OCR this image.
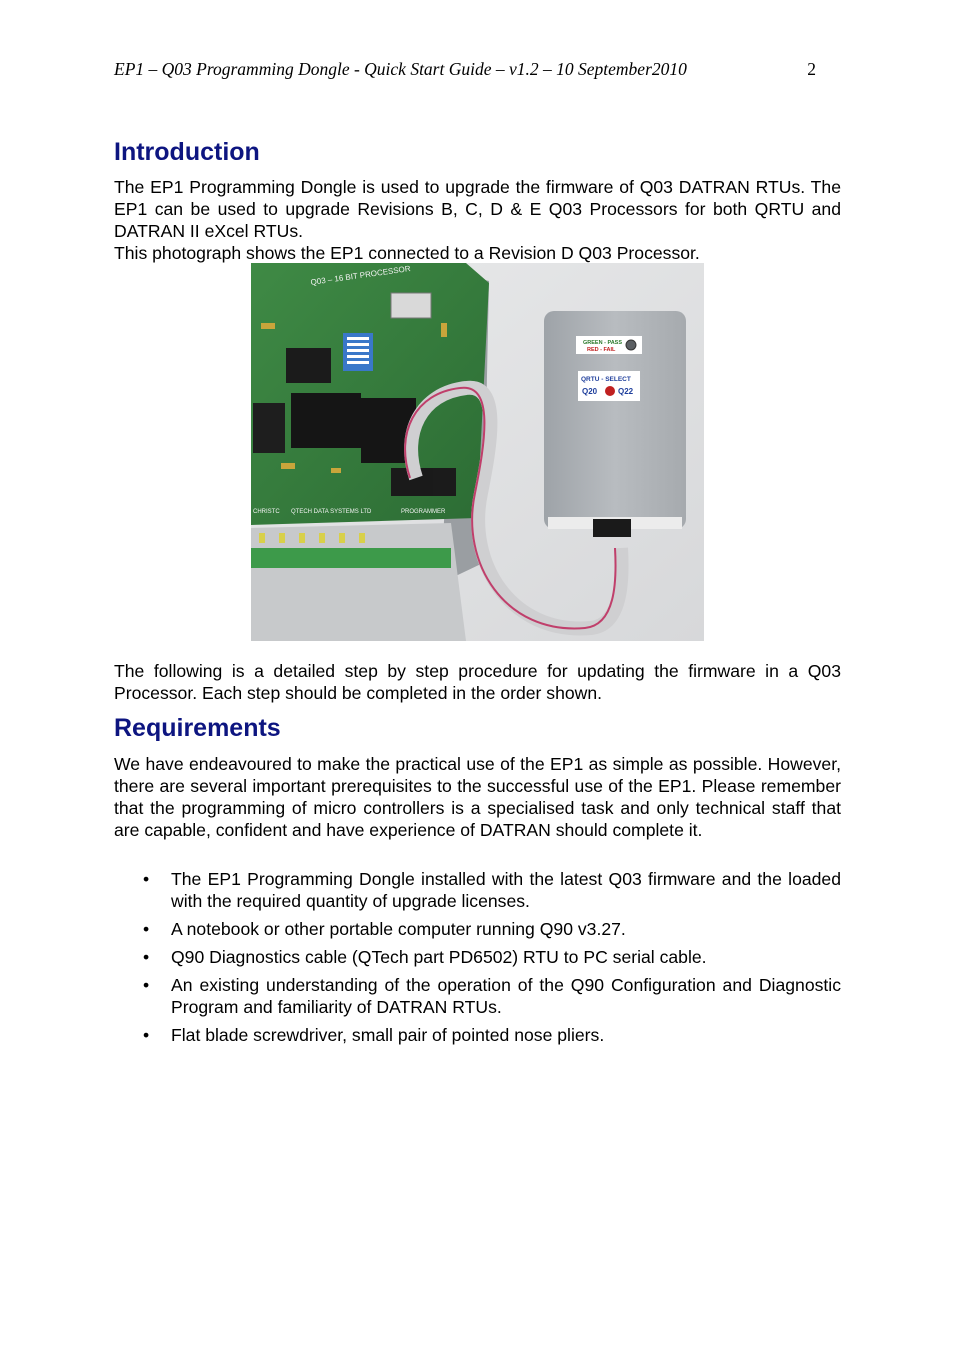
EP1 – Q03 Programming Dongle - Quick Start Guide – v1.2 – 10 September2010	2
Introduction

The EP1 Programming Dongle is used to upgrade the firmware of Q03 DATRAN RTUs. The EP1 can be used to upgrade Revisions B, C, D & E Q03 Processors for both QRTU and DATRAN II eXcel RTUs.

This photograph shows the EP1 connected to a Revision D Q03 Processor.

Q03 – 16 BIT PROCESSOR
PROGRAMMER
QTECH DATA SYSTEMS LTD
CHRISTC
GREEN - PASS
RED - FAIL
QRTU - SELECT
Q20	Q22

The following is a detailed step by step procedure for updating the firmware in a Q03 Processor. Each step should be completed in the order shown.

Requirements

We have endeavoured to make the practical use of the EP1 as simple as possible. However, there are several important prerequisites to the successful use of the EP1. Please remember that the programming of micro controllers is a specialised task and only technical staff that are capable, confident and have experience of DATRAN should complete it.

• The EP1 Programming Dongle installed with the latest Q03 firmware and the loaded with the required quantity of upgrade licenses.
• A notebook or other portable computer running Q90 v3.27.
• Q90 Diagnostics cable (QTech part PD6502) RTU to PC serial cable.
• An existing understanding of the operation of the Q90 Configuration and Diagnostic Program and familiarity of DATRAN RTUs.
• Flat blade screwdriver, small pair of pointed nose pliers.
